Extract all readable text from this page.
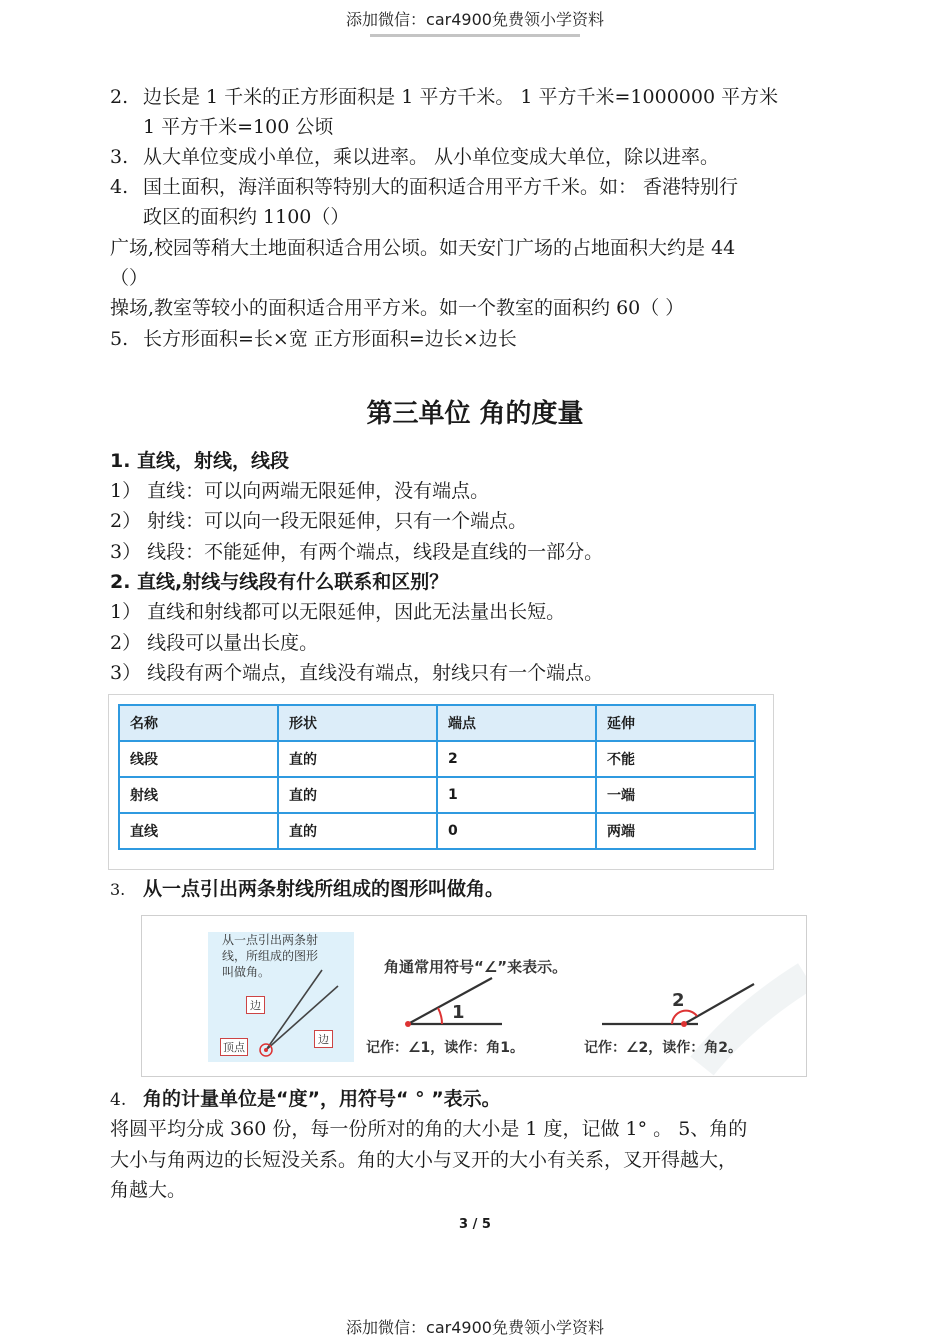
添加微信：car4900免费领小学资料
2. 边长是 1 千米的正方形面积是 1 平方千米。 1 平方千米=1000000 平方米
1 平方千米=100 公顷
3. 从大单位变成小单位，乘以进率。 从小单位变成大单位，除以进率。
4. 国土面积，海洋面积等特别大的面积适合用平方千米。如： 香港特别行
政区的面积约 1100（）
广场,校园等稍大土地面积适合用公顷。如天安门广场的占地面积大约是 44
（）
操场,教室等较小的面积适合用平方米。如一个教室的面积约 60（ ）
5. 长方形面积=长×宽 正方形面积=边长×边长
第三单位 角的度量
1. 直线，射线，线段
1） 直线：可以向两端无限延伸，没有端点。
2） 射线：可以向一段无限延伸，只有一个端点。
3） 线段：不能延伸，有两个端点，线段是直线的一部分。
2. 直线,射线与线段有什么联系和区别？
1） 直线和射线都可以无限延伸，因此无法量出长短。
2） 线段可以量出长度。
3） 线段有两个端点，直线没有端点，射线只有一个端点。
名称	形状	端点	延伸
线段	直的	2	不能
射线	直的	1	一端
直线	直的	0	两端
3. 从一点引出两条射线所组成的图形叫做角。
从一点引出两条射
线，所组成的图形
叫做角。
边
边
顶点
角通常用符号“∠”来表示。
1
2
记作：∠1，读作：角1。	记作：∠2，读作：角2。
4. 角的计量单位是“度”，用符号“ ° ”表示。
将圆平均分成 360 份，每一份所对的角的大小是 1 度，记做 1° 。 5、角的
大小与角两边的长短没关系。角的大小与叉开的大小有关系，叉开得越大，
角越大。
3 / 5
添加微信：car4900免费领小学资料
